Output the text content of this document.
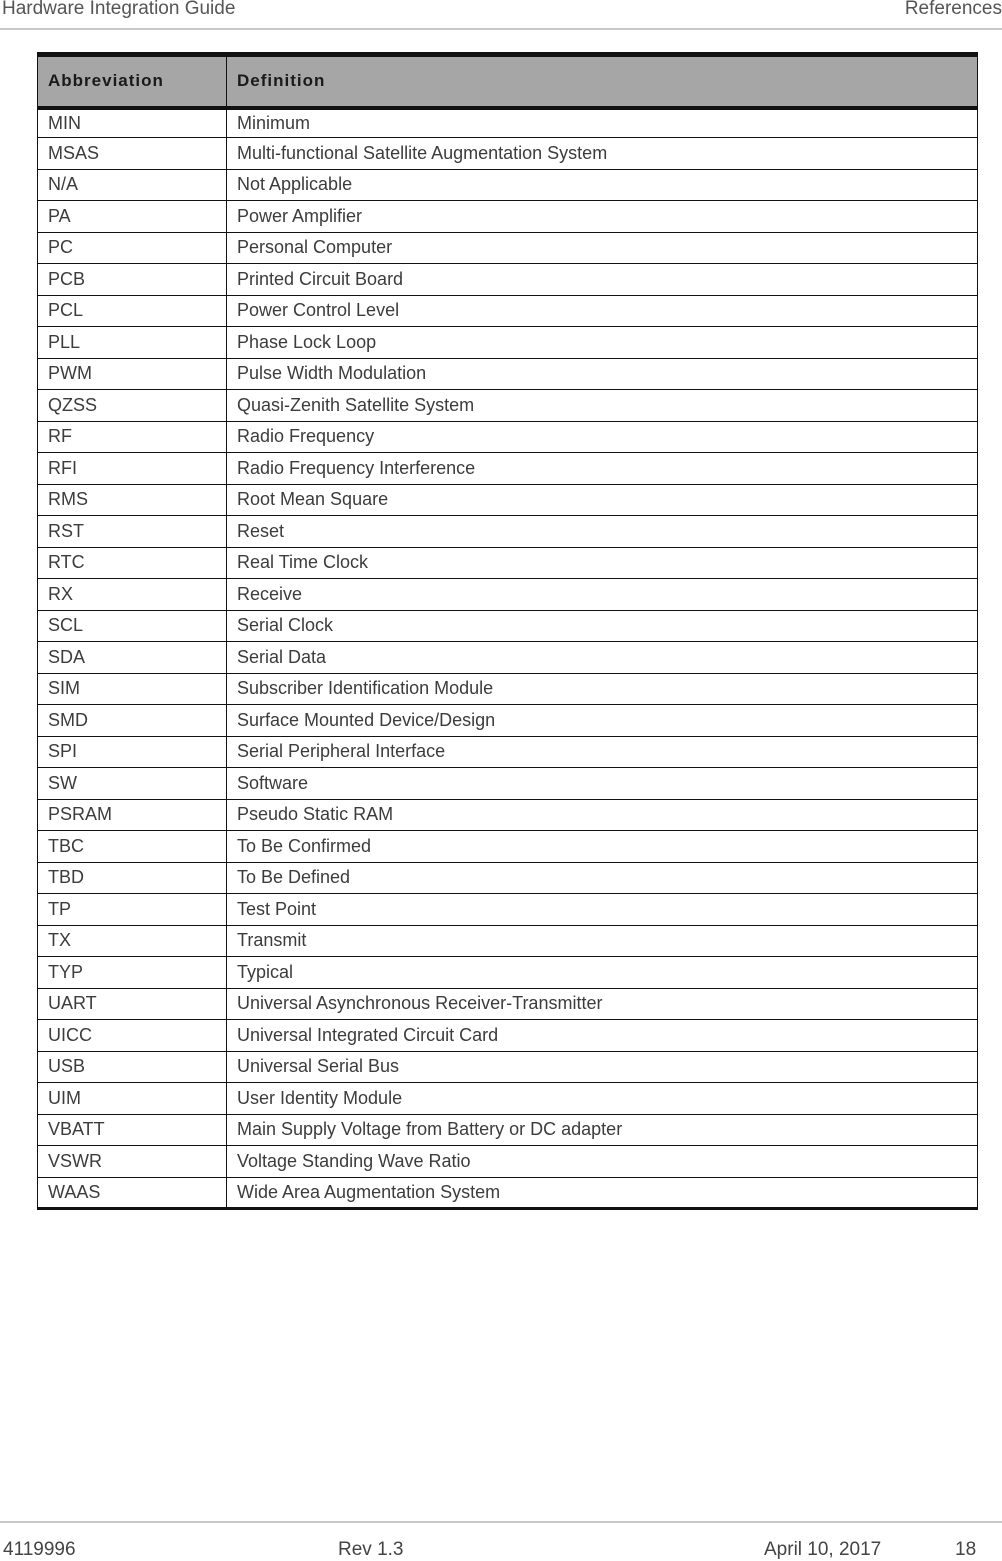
Hardware Integration Guide	References
Abbreviation	Definition
MIN	Minimum
MSAS	Multi-functional Satellite Augmentation System
N/A	Not Applicable
PA	Power Amplifier
PC	Personal Computer
PCB	Printed Circuit Board
PCL	Power Control Level
PLL	Phase Lock Loop
PWM	Pulse Width Modulation
QZSS	Quasi-Zenith Satellite System
RF	Radio Frequency
RFI	Radio Frequency Interference
RMS	Root Mean Square
RST	Reset
RTC	Real Time Clock
RX	Receive
SCL	Serial Clock
SDA	Serial Data
SIM	Subscriber Identification Module
SMD	Surface Mounted Device/Design
SPI	Serial Peripheral Interface
SW	Software
PSRAM	Pseudo Static RAM
TBC	To Be Confirmed
TBD	To Be Defined
TP	Test Point
TX	Transmit
TYP	Typical
UART	Universal Asynchronous Receiver-Transmitter
UICC	Universal Integrated Circuit Card
USB	Universal Serial Bus
UIM	User Identity Module
VBATT	Main Supply Voltage from Battery or DC adapter
VSWR	Voltage Standing Wave Ratio
WAAS	Wide Area Augmentation System
4119996	Rev 1.3	April 10, 2017	18
